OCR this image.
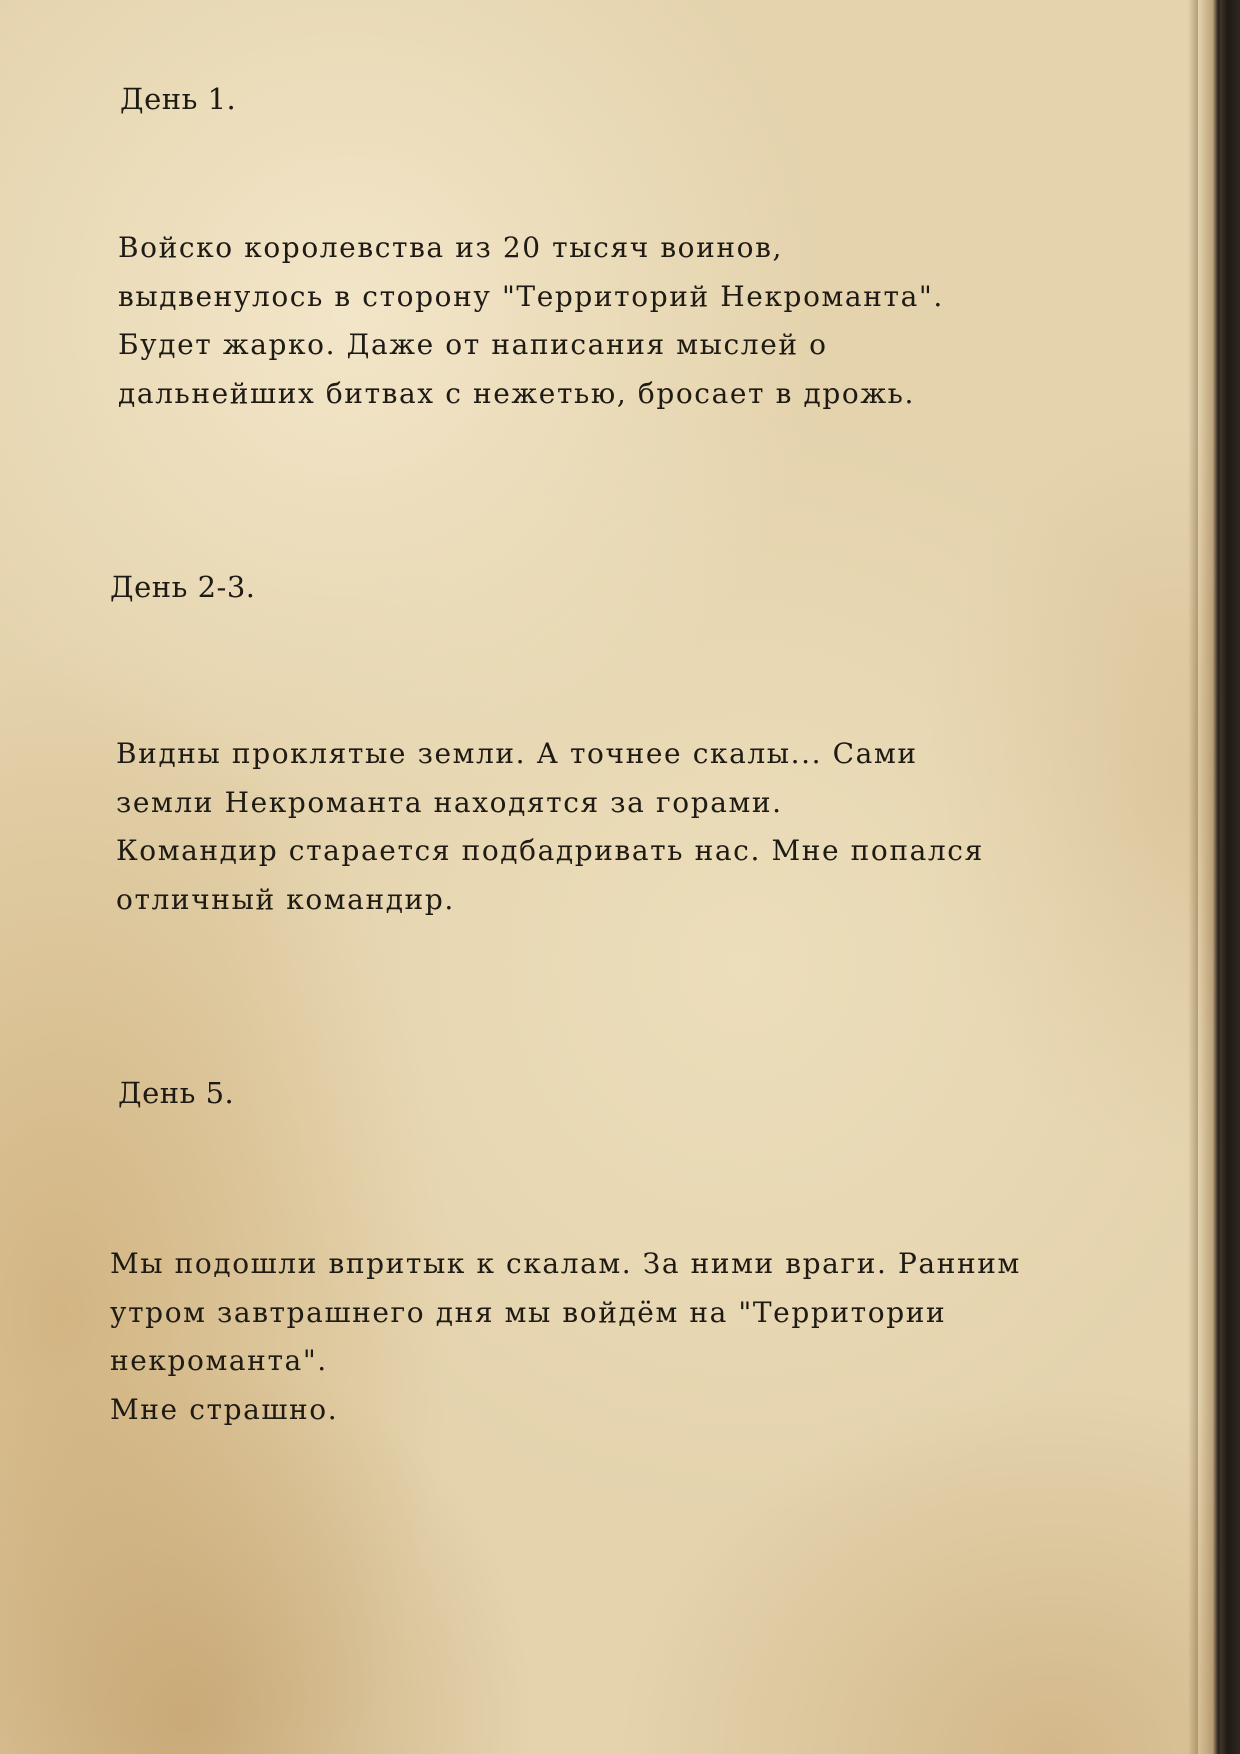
День 1.

Войско королевства из 20 тысяч воинов,
выдвенулось в сторону "Территорий Некроманта".
Будет жарко. Даже от написания мыслей о
дальнейших битвах с нежетью, бросает в дрожь.

День 2-3.

Видны проклятые земли. А точнее скалы... Сами
земли Некроманта находятся за горами.
Командир старается подбадривать нас. Мне попался
отличный командир.

День 5.

Мы подошли впритык к скалам. За ними враги. Ранним
утром завтрашнего дня мы войдём на "Территории
некроманта".
Мне страшно.
